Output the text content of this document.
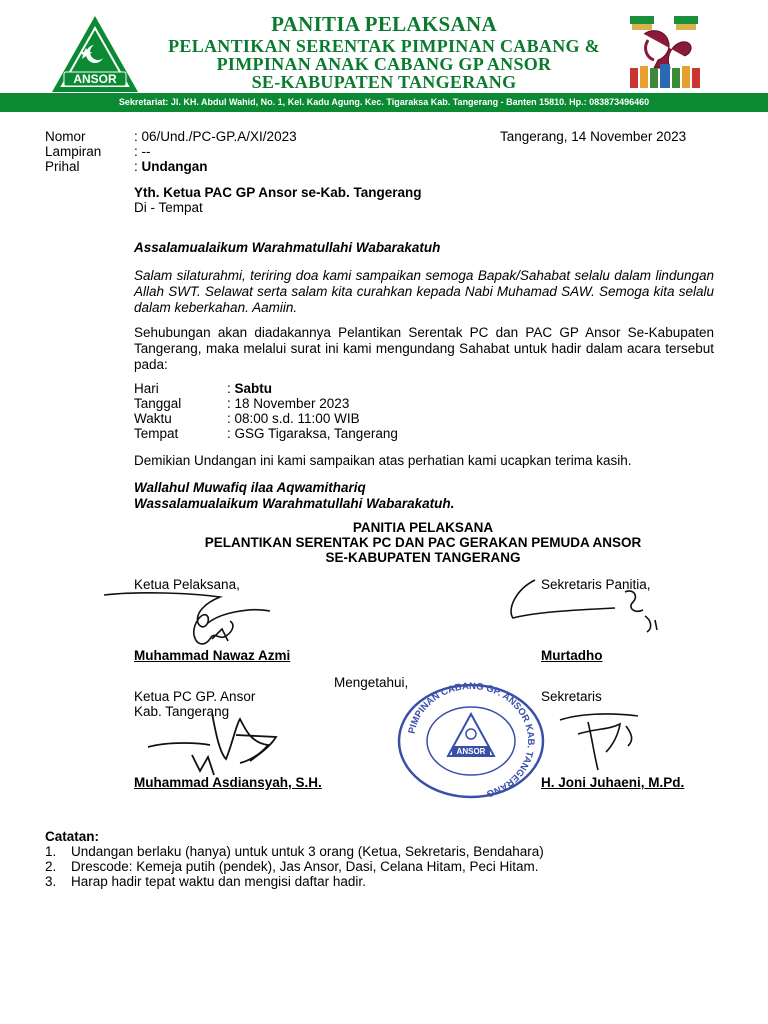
ANSOR
PANITIA PELAKSANA
PELANTIKAN SERENTAK PIMPINAN CABANG &
PIMPINAN ANAK CABANG GP ANSOR
SE-KABUPATEN TANGERANG
Sekretariat: Jl. KH. Abdul Wahid, No. 1, Kel. Kadu Agung. Kec. Tigaraksa Kab. Tangerang - Banten 15810. Hp.: 083873496460
Nomor	: 06/Und./PC-GP.A/XI/2023	Tangerang, 14 November 2023
Lampiran : --
Prihal	: Undangan
Yth. Ketua PAC GP Ansor se-Kab. Tangerang
Di - Tempat
Assalamualaikum Warahmatullahi Wabarakatuh
Salam silaturahmi, teriring doa kami sampaikan semoga Bapak/Sahabat selalu dalam lindungan Allah SWT. Selawat serta salam kita curahkan kepada Nabi Muhamad SAW. Semoga kita selalu dalam keberkahan. Aamiin.
Sehubungan akan diadakannya Pelantikan Serentak PC dan PAC GP Ansor Se-Kabupaten Tangerang, maka melalui surat ini kami mengundang Sahabat untuk hadir dalam acara tersebut pada:
Hari	: Sabtu
Tanggal	: 18 November 2023
Waktu	: 08:00 s.d. 11:00 WIB
Tempat	: GSG Tigaraksa, Tangerang
Demikian Undangan ini kami sampaikan atas perhatian kami ucapkan terima kasih.
Wallahul Muwafiq ilaa Aqwamithariq
Wassalamualaikum Warahmatullahi Wabarakatuh.
PANITIA PELAKSANA
PELANTIKAN SERENTAK PC DAN PAC GERAKAN PEMUDA ANSOR
SE-KABUPATEN TANGERANG
Ketua Pelaksana,	Sekretaris Panitia,
Muhammad Nawaz Azmi	Murtadho
Mengetahui,
Ketua PC GP. Ansor
Kab. Tangerang
Sekretaris
PIMPINAN CABANG GP. ANSOR KAB. TANGERANG
ANSOR
Muhammad Asdiansyah, S.H.	H. Joni Juhaeni, M.Pd.
Catatan:
1. Undangan berlaku (hanya) untuk untuk 3 orang (Ketua, Sekretaris, Bendahara)
2. Drescode: Kemeja putih (pendek), Jas Ansor, Dasi, Celana Hitam, Peci Hitam.
3. Harap hadir tepat waktu dan mengisi daftar hadir.
